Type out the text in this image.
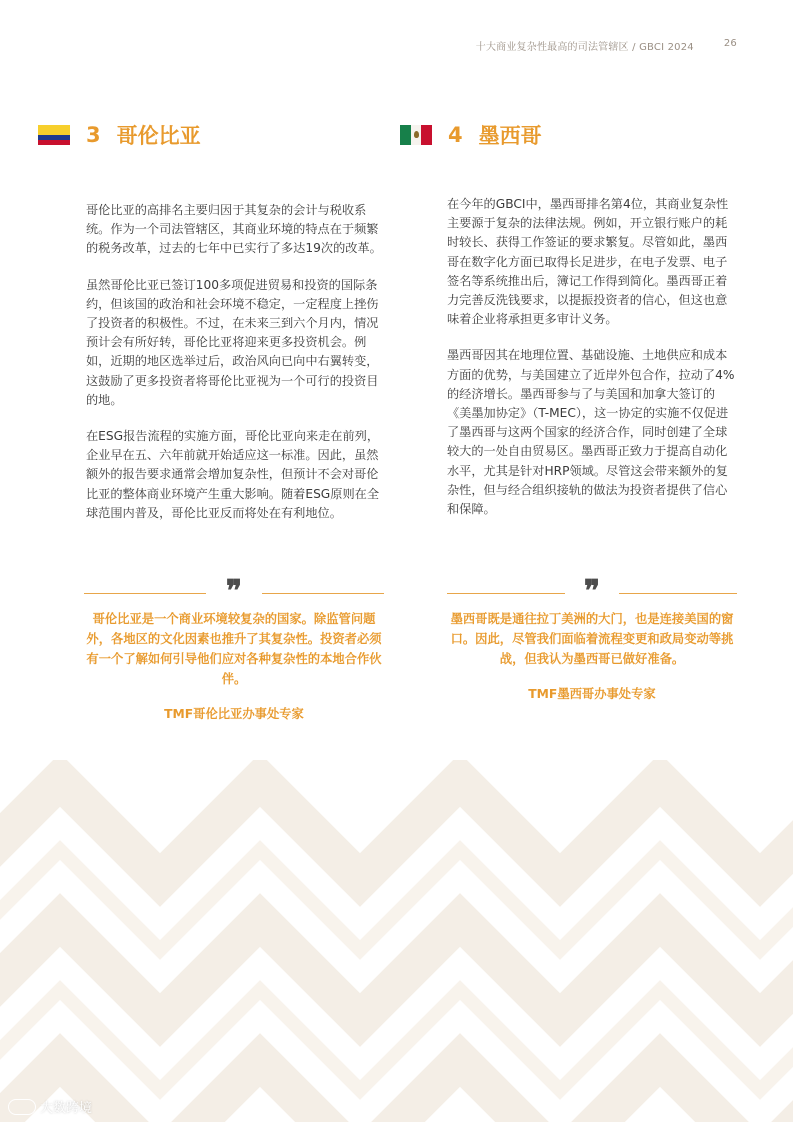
十大商业复杂性最高的司法管辖区 / GBCI 2024	26
3 哥伦比亚

哥伦比亚的高排名主要归因于其复杂的会计与税收系统。作为一个司法管辖区，其商业环境的特点在于频繁的税务改革，过去的七年中已实行了多达19次的改革。

虽然哥伦比亚已签订100多项促进贸易和投资的国际条约，但该国的政治和社会环境不稳定，一定程度上挫伤了投资者的积极性。不过，在未来三到六个月内，情况预计会有所好转，哥伦比亚将迎来更多投资机会。例如，近期的地区选举过后，政治风向已向中右翼转变，这鼓励了更多投资者将哥伦比亚视为一个可行的投资目的地。

在ESG报告流程的实施方面，哥伦比亚向来走在前列，企业早在五、六年前就开始适应这一标准。因此，虽然额外的报告要求通常会增加复杂性，但预计不会对哥伦比亚的整体商业环境产生重大影响。随着ESG原则在全球范围内普及，哥伦比亚反而将处在有利地位。

❞
哥伦比亚是一个商业环境较复杂的国家。除监管问题外，各地区的文化因素也推升了其复杂性。投资者必须有一个了解如何引导他们应对各种复杂性的本地合作伙伴。
TMF哥伦比亚办事处专家
4 墨西哥

在今年的GBCI中，墨西哥排名第4位，其商业复杂性主要源于复杂的法律法规。例如，开立银行账户的耗时较长、获得工作签证的要求繁复。尽管如此，墨西哥在数字化方面已取得长足进步，在电子发票、电子签名等系统推出后，簿记工作得到简化。墨西哥正着力完善反洗钱要求，以提振投资者的信心，但这也意味着企业将承担更多审计义务。

墨西哥因其在地理位置、基础设施、土地供应和成本方面的优势，与美国建立了近岸外包合作，拉动了4%的经济增长。墨西哥参与了与美国和加拿大签订的《美墨加协定》（T-MEC），这一协定的实施不仅促进了墨西哥与这两个国家的经济合作，同时创建了全球较大的一处自由贸易区。墨西哥正致力于提高自动化水平，尤其是针对HRP领域。尽管这会带来额外的复杂性，但与经合组织接轨的做法为投资者提供了信心和保障。

❞
墨西哥既是通往拉丁美洲的大门，也是连接美国的窗口。因此，尽管我们面临着流程变更和政局变动等挑战，但我认为墨西哥已做好准备。
TMF墨西哥办事处专家
大数跨境
